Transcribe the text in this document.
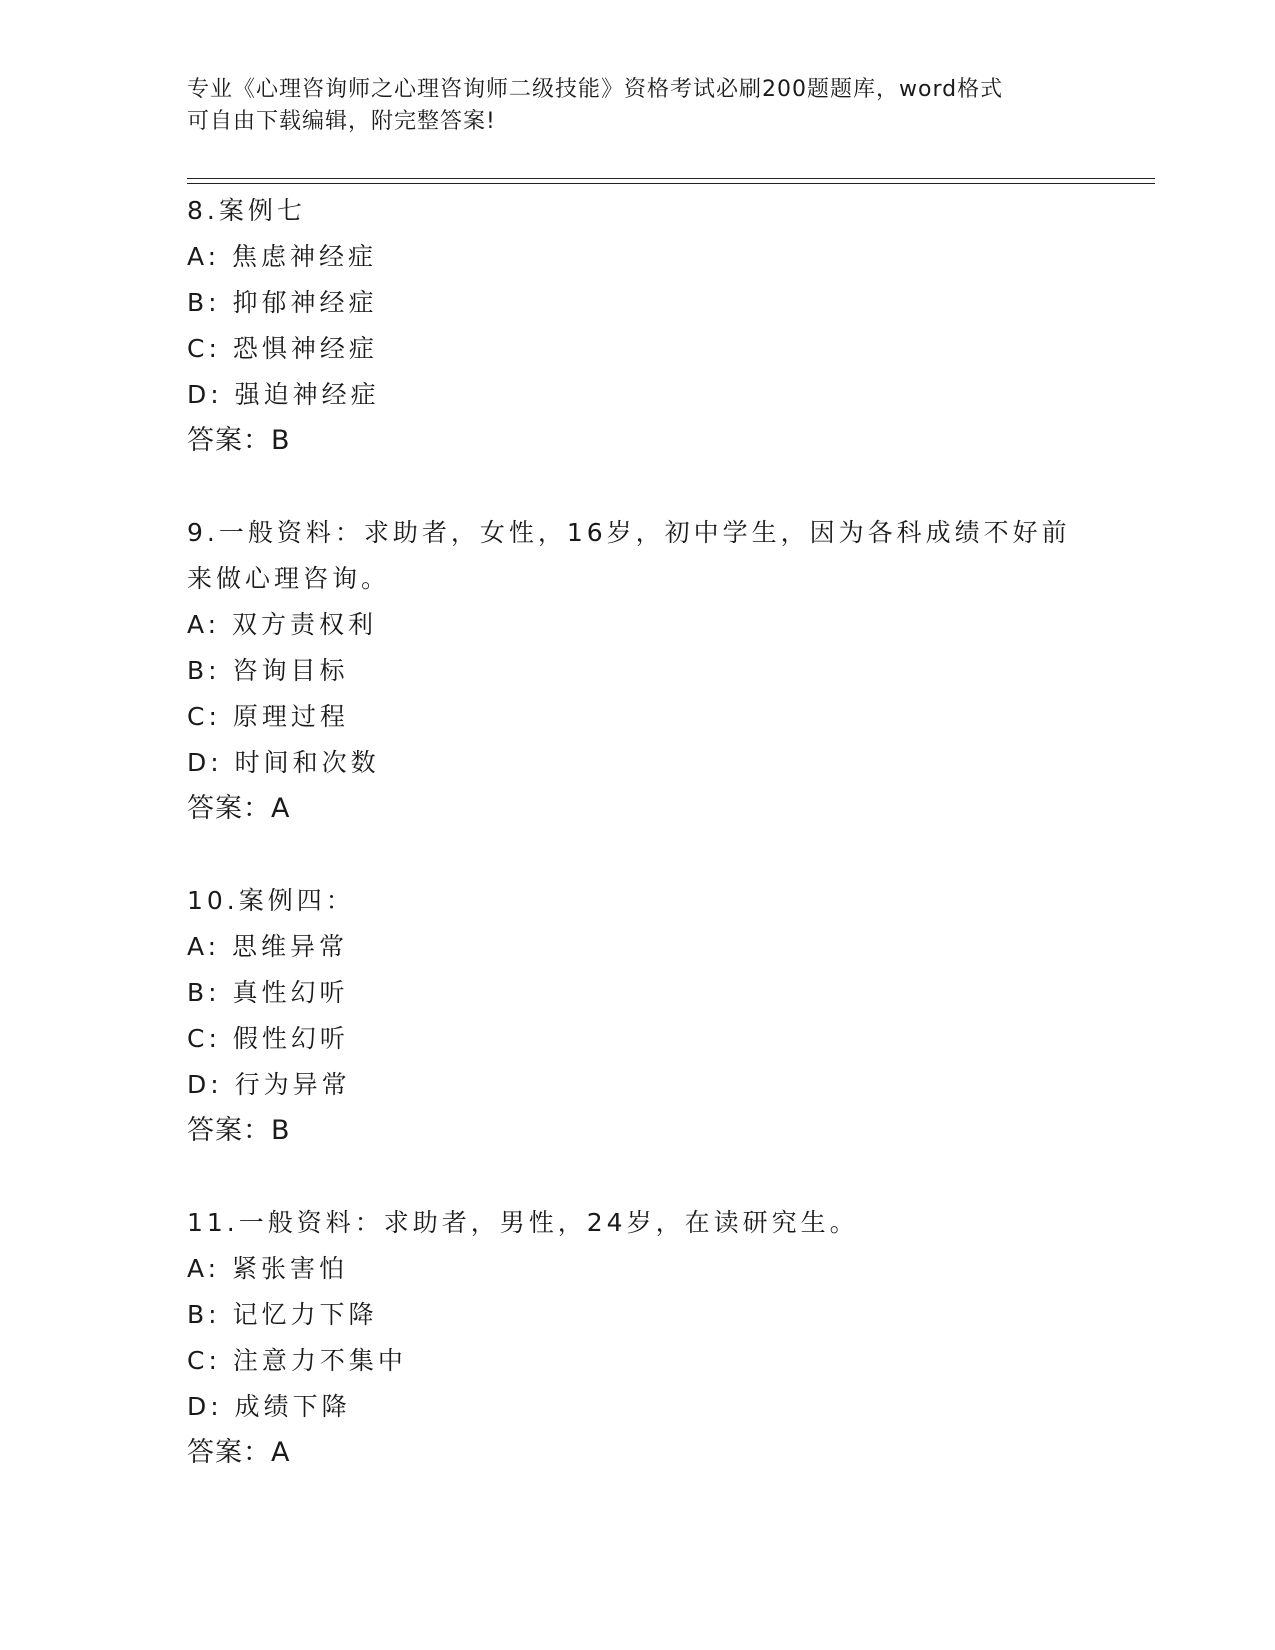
专业《心理咨询师之心理咨询师二级技能》资格考试必刷200题题库，word格式
可自由下载编辑，附完整答案!
8.案例七
A: 焦虑神经症
B: 抑郁神经症
C: 恐惧神经症
D: 强迫神经症
答案：B
9.一般资料：求助者，女性，16岁，初中学生，因为各科成绩不好前
来做心理咨询。
A: 双方责权利
B: 咨询目标
C: 原理过程
D: 时间和次数
答案：A
10.案例四：
A: 思维异常
B: 真性幻听
C: 假性幻听
D: 行为异常
答案：B
11.一般资料：求助者，男性，24岁，在读研究生。
A: 紧张害怕
B: 记忆力下降
C: 注意力不集中
D: 成绩下降
答案：A
